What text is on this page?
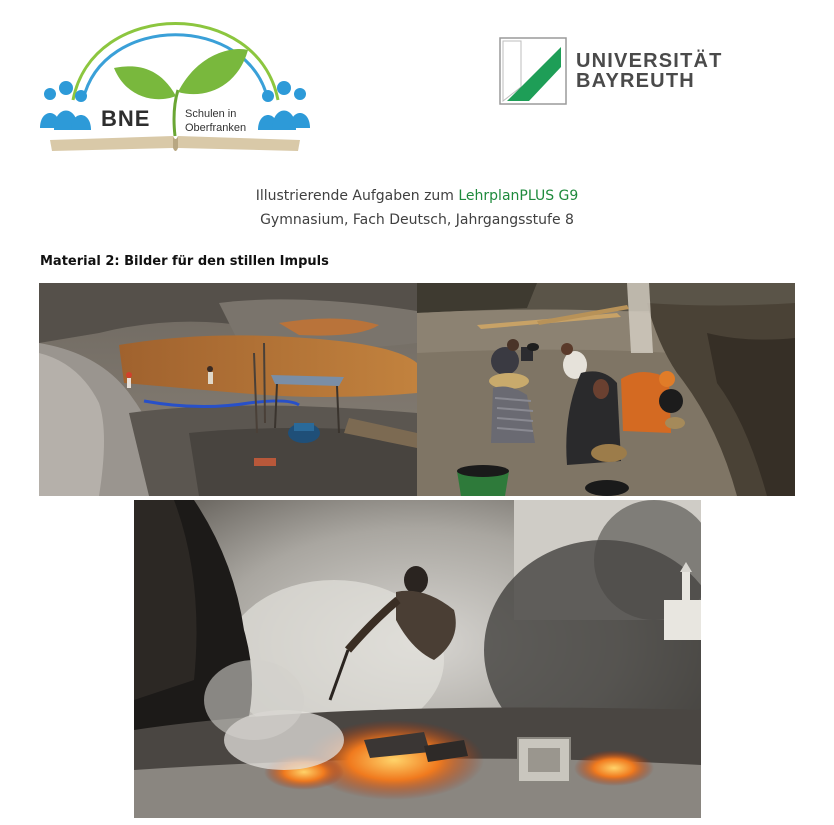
BNE	Schulen in Oberfranken
UNIVERSITÄT
BAYREUTH
Illustrierende Aufgaben zum LehrplanPLUS G9
Gymnasium, Fach Deutsch, Jahrgangsstufe 8
Material 2: Bilder für den stillen Impuls
